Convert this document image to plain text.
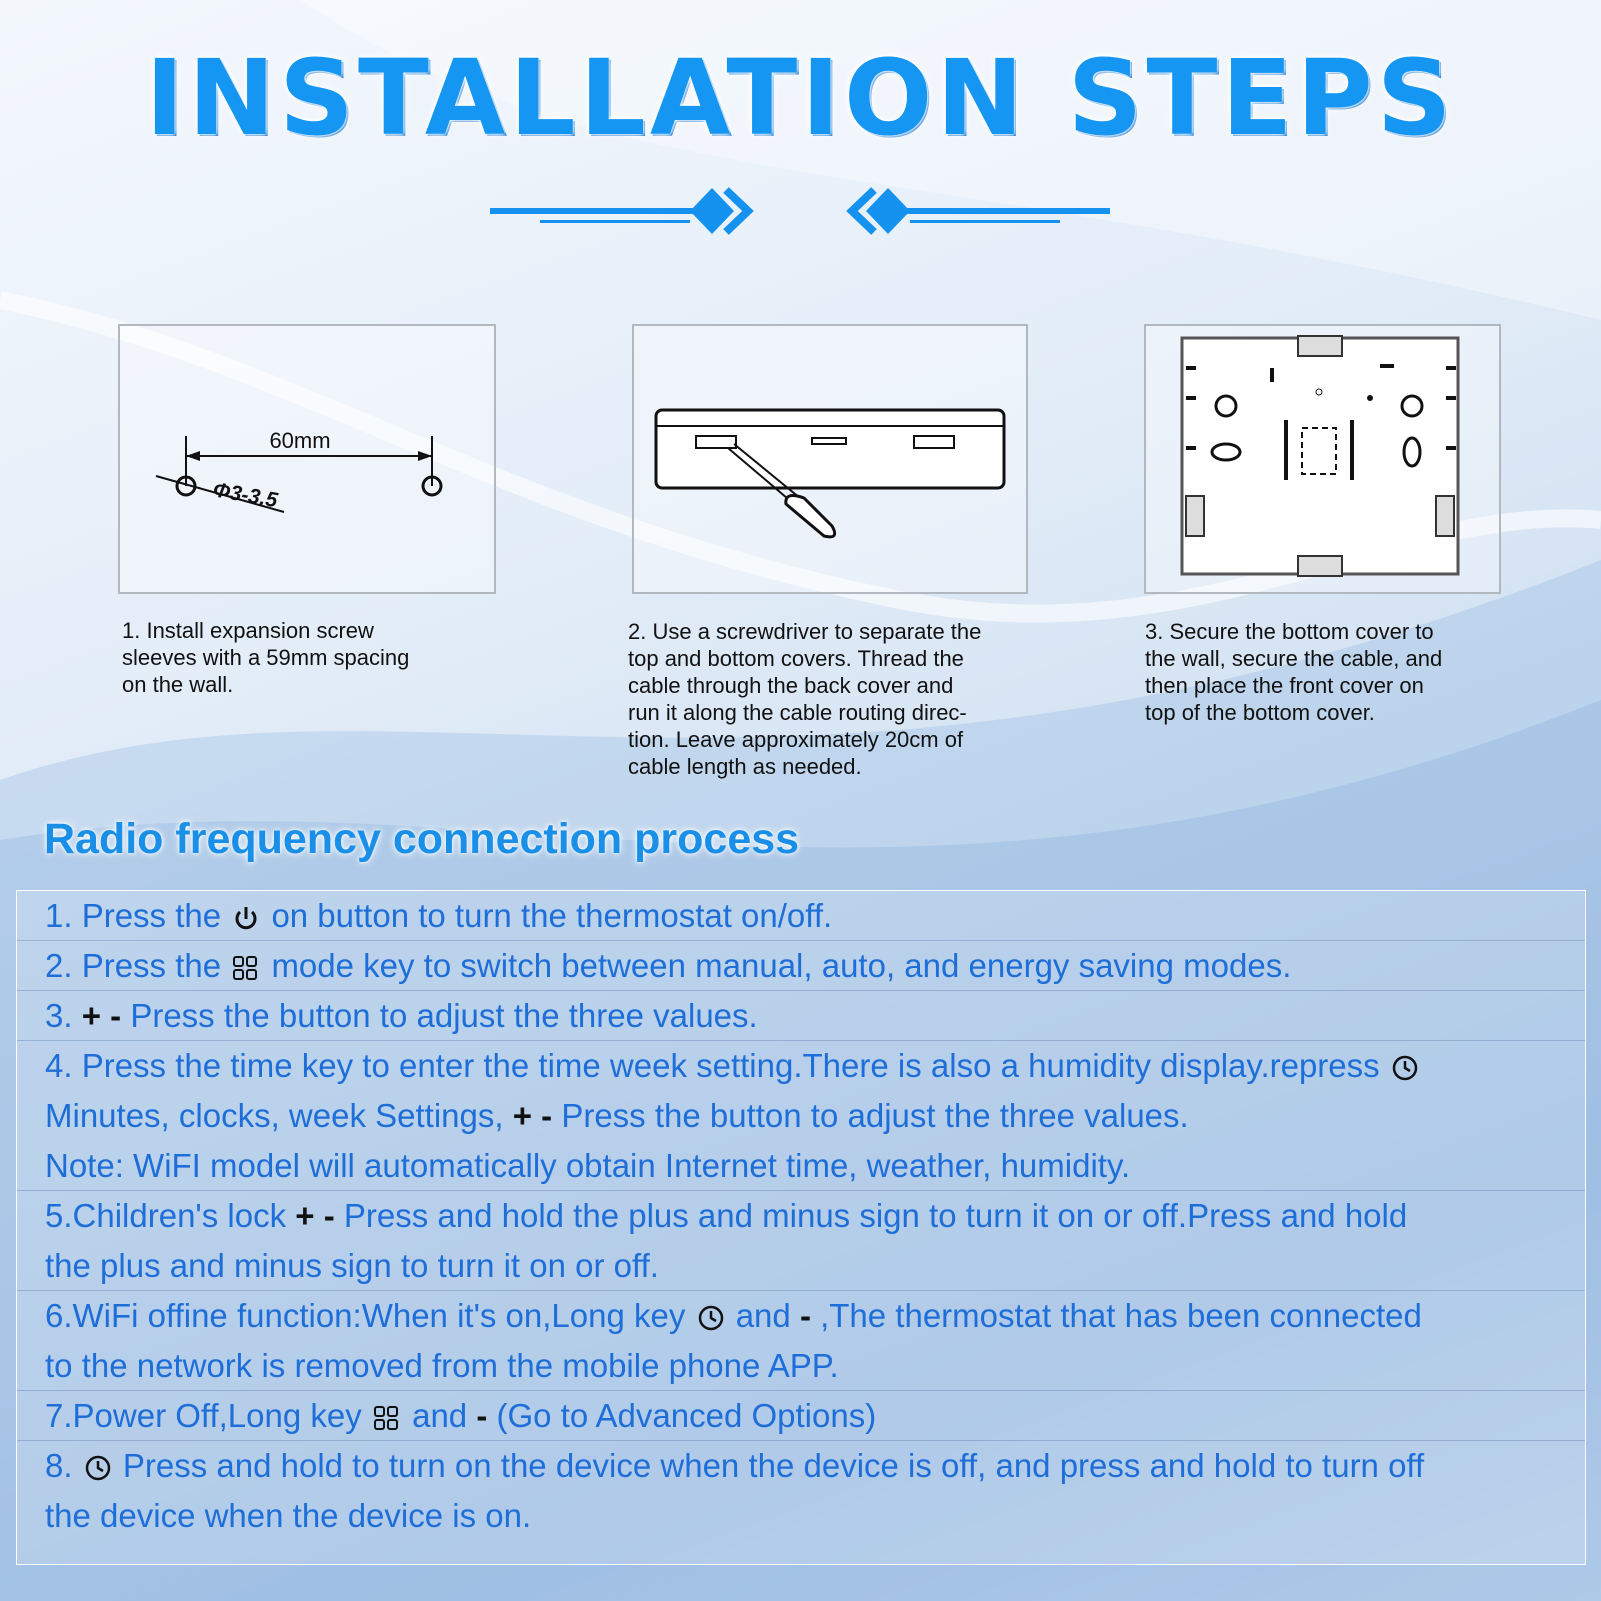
INSTALLATION STEPS
60mm
Φ3-3.5
1. Install expansion screw
sleeves with a 59mm spacing
on the wall.
2. Use a screwdriver to separate the
top and bottom covers. Thread the
cable through the back cover and
run it along the cable routing direc-
tion. Leave approximately 20cm of
cable length as needed.
3. Secure the bottom cover to
the wall, secure the cable, and
then place the front cover on
top of the bottom cover.
Radio frequency connection process
1. Press the on button to turn the thermostat on/off.
2. Press the mode key to switch between manual, auto, and energy saving modes.
3. + - Press the button to adjust the three values.
4. Press the time key to enter the time week setting.There is also a humidity display.repress
Minutes, clocks, week Settings, + - Press the button to adjust the three values.
Note: WiFI model will automatically obtain Internet time, weather, humidity.
5.Children's lock + - Press and hold the plus and minus sign to turn it on or off.Press and hold
the plus and minus sign to turn it on or off.
6.WiFi offine function:When it's on,Long key and - ,The thermostat that has been connected
to the network is removed from the mobile phone APP.
7.Power Off,Long key and - (Go to Advanced Options)
8. Press and hold to turn on the device when the device is off, and press and hold to turn off
the device when the device is on.
